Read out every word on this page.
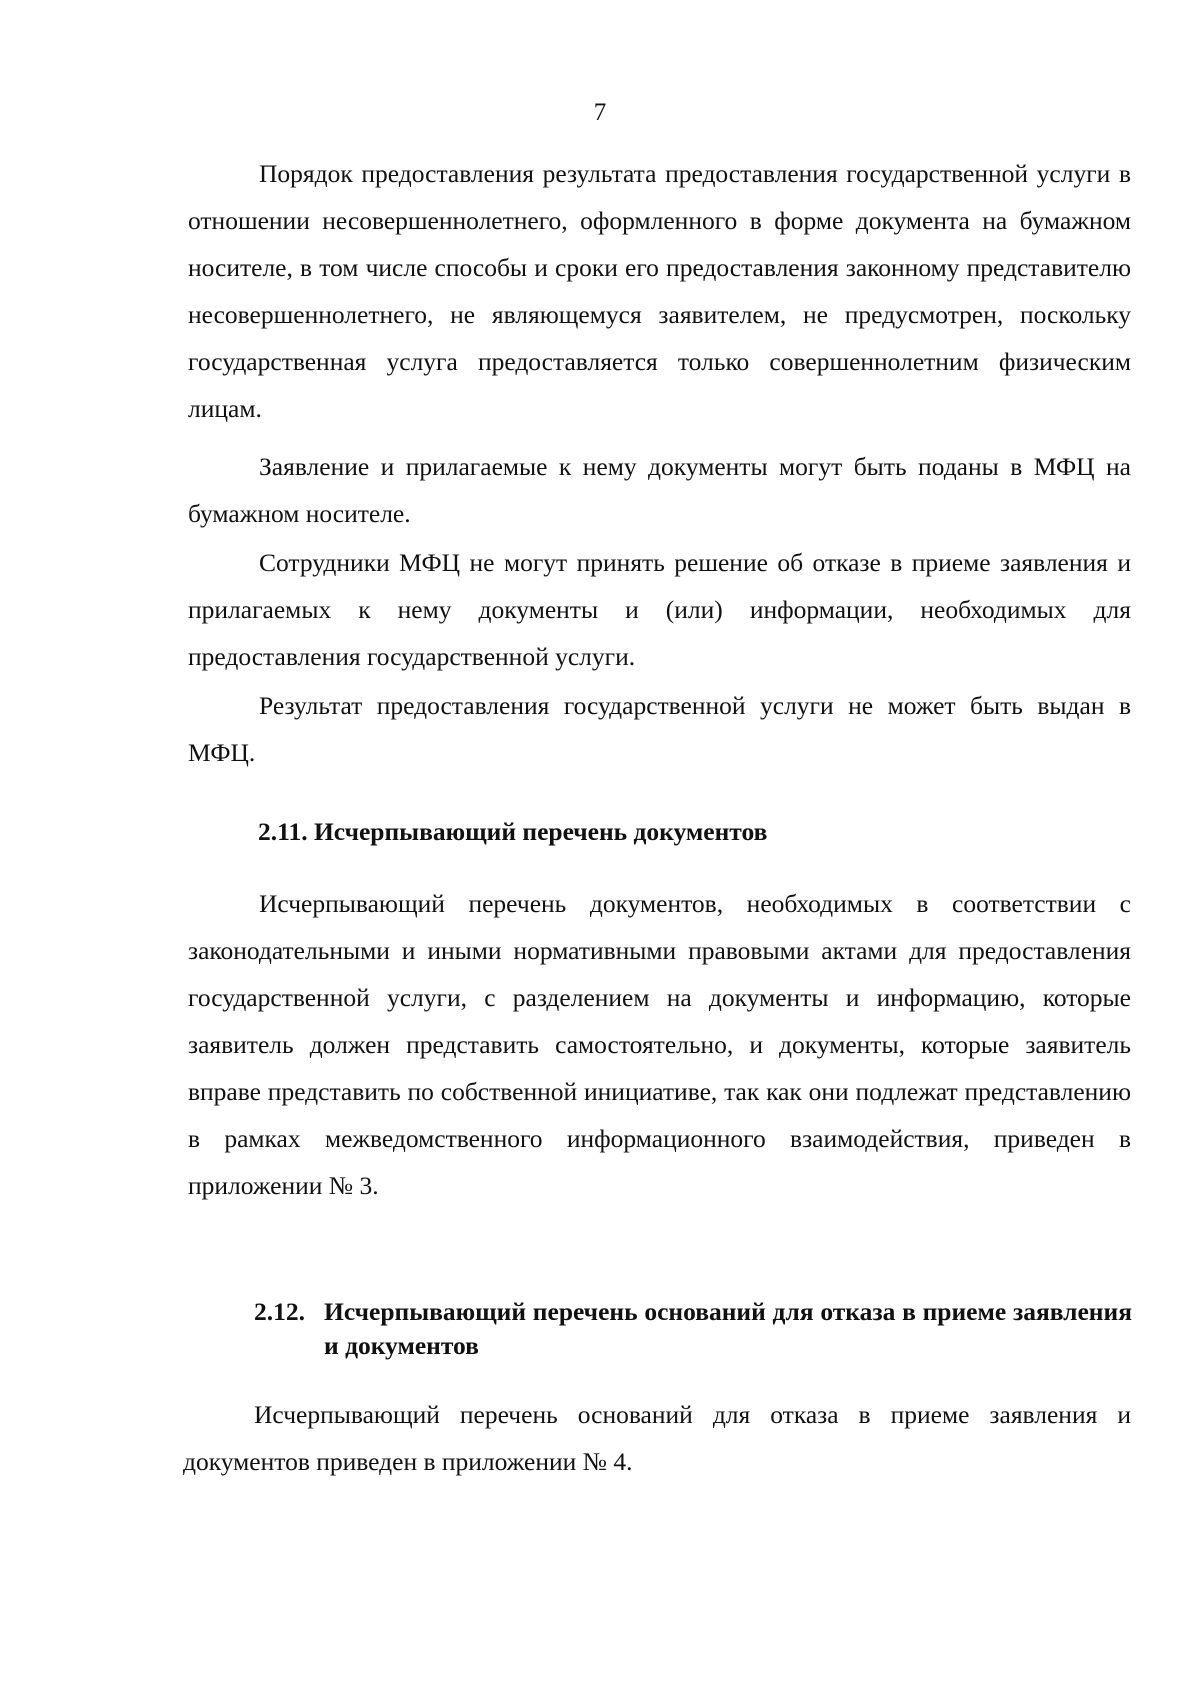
7

Порядок предоставления результата предоставления государственной услуги в отношении несовершеннолетнего, оформленного в форме документа на бумажном носителе, в том числе способы и сроки его предоставления законному представителю несовершеннолетнего, не являющемуся заявителем, не предусмотрен, поскольку государственная услуга предоставляется только совершеннолетним физическим лицам.

Заявление и прилагаемые к нему документы могут быть поданы в МФЦ на бумажном носителе.

Сотрудники МФЦ не могут принять решение об отказе в приеме заявления и прилагаемых к нему документы и (или) информации, необходимых для предоставления государственной услуги.

Результат предоставления государственной услуги не может быть выдан в МФЦ.

2.11. Исчерпывающий перечень документов

Исчерпывающий перечень документов, необходимых в соответствии с законодательными и иными нормативными правовыми актами для предоставления государственной услуги, с разделением на документы и информацию, которые заявитель должен представить самостоятельно, и документы, которые заявитель вправе представить по собственной инициативе, так как они подлежат представлению в рамках межведомственного информационного взаимодействия, приведен в приложении № 3.

2.12. Исчерпывающий перечень оснований для отказа в приеме заявления и документов

Исчерпывающий перечень оснований для отказа в приеме заявления и документов приведен в приложении № 4.
